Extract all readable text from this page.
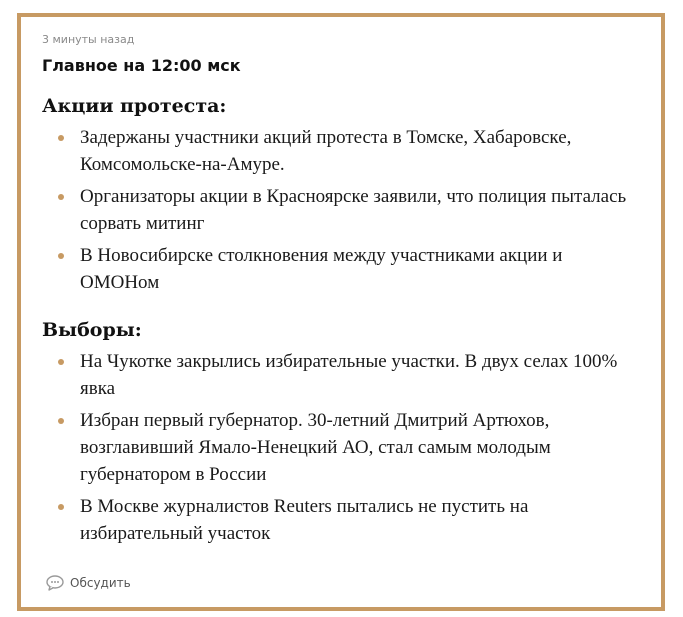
3 минуты назад

Главное на 12:00 мск
Акции протеста:
Задержаны участники акций протеста в Томске, Хабаровске, Комсомольске-на-Амуре.
Организаторы акции в Красноярске заявили, что полиция пыталась сорвать митинг
В Новосибирске столкновения между участниками акции и ОМОНом
Выборы:
На Чукотке закрылись избирательные участки. В двух селах 100% явка
Избран первый губернатор. 30-летний Дмитрий Артюхов, возглавивший Ямало-Ненецкий АО, стал самым молодым губернатором в России
В Москве журналистов Reuters пытались не пустить на избирательный участок
Обсудить
